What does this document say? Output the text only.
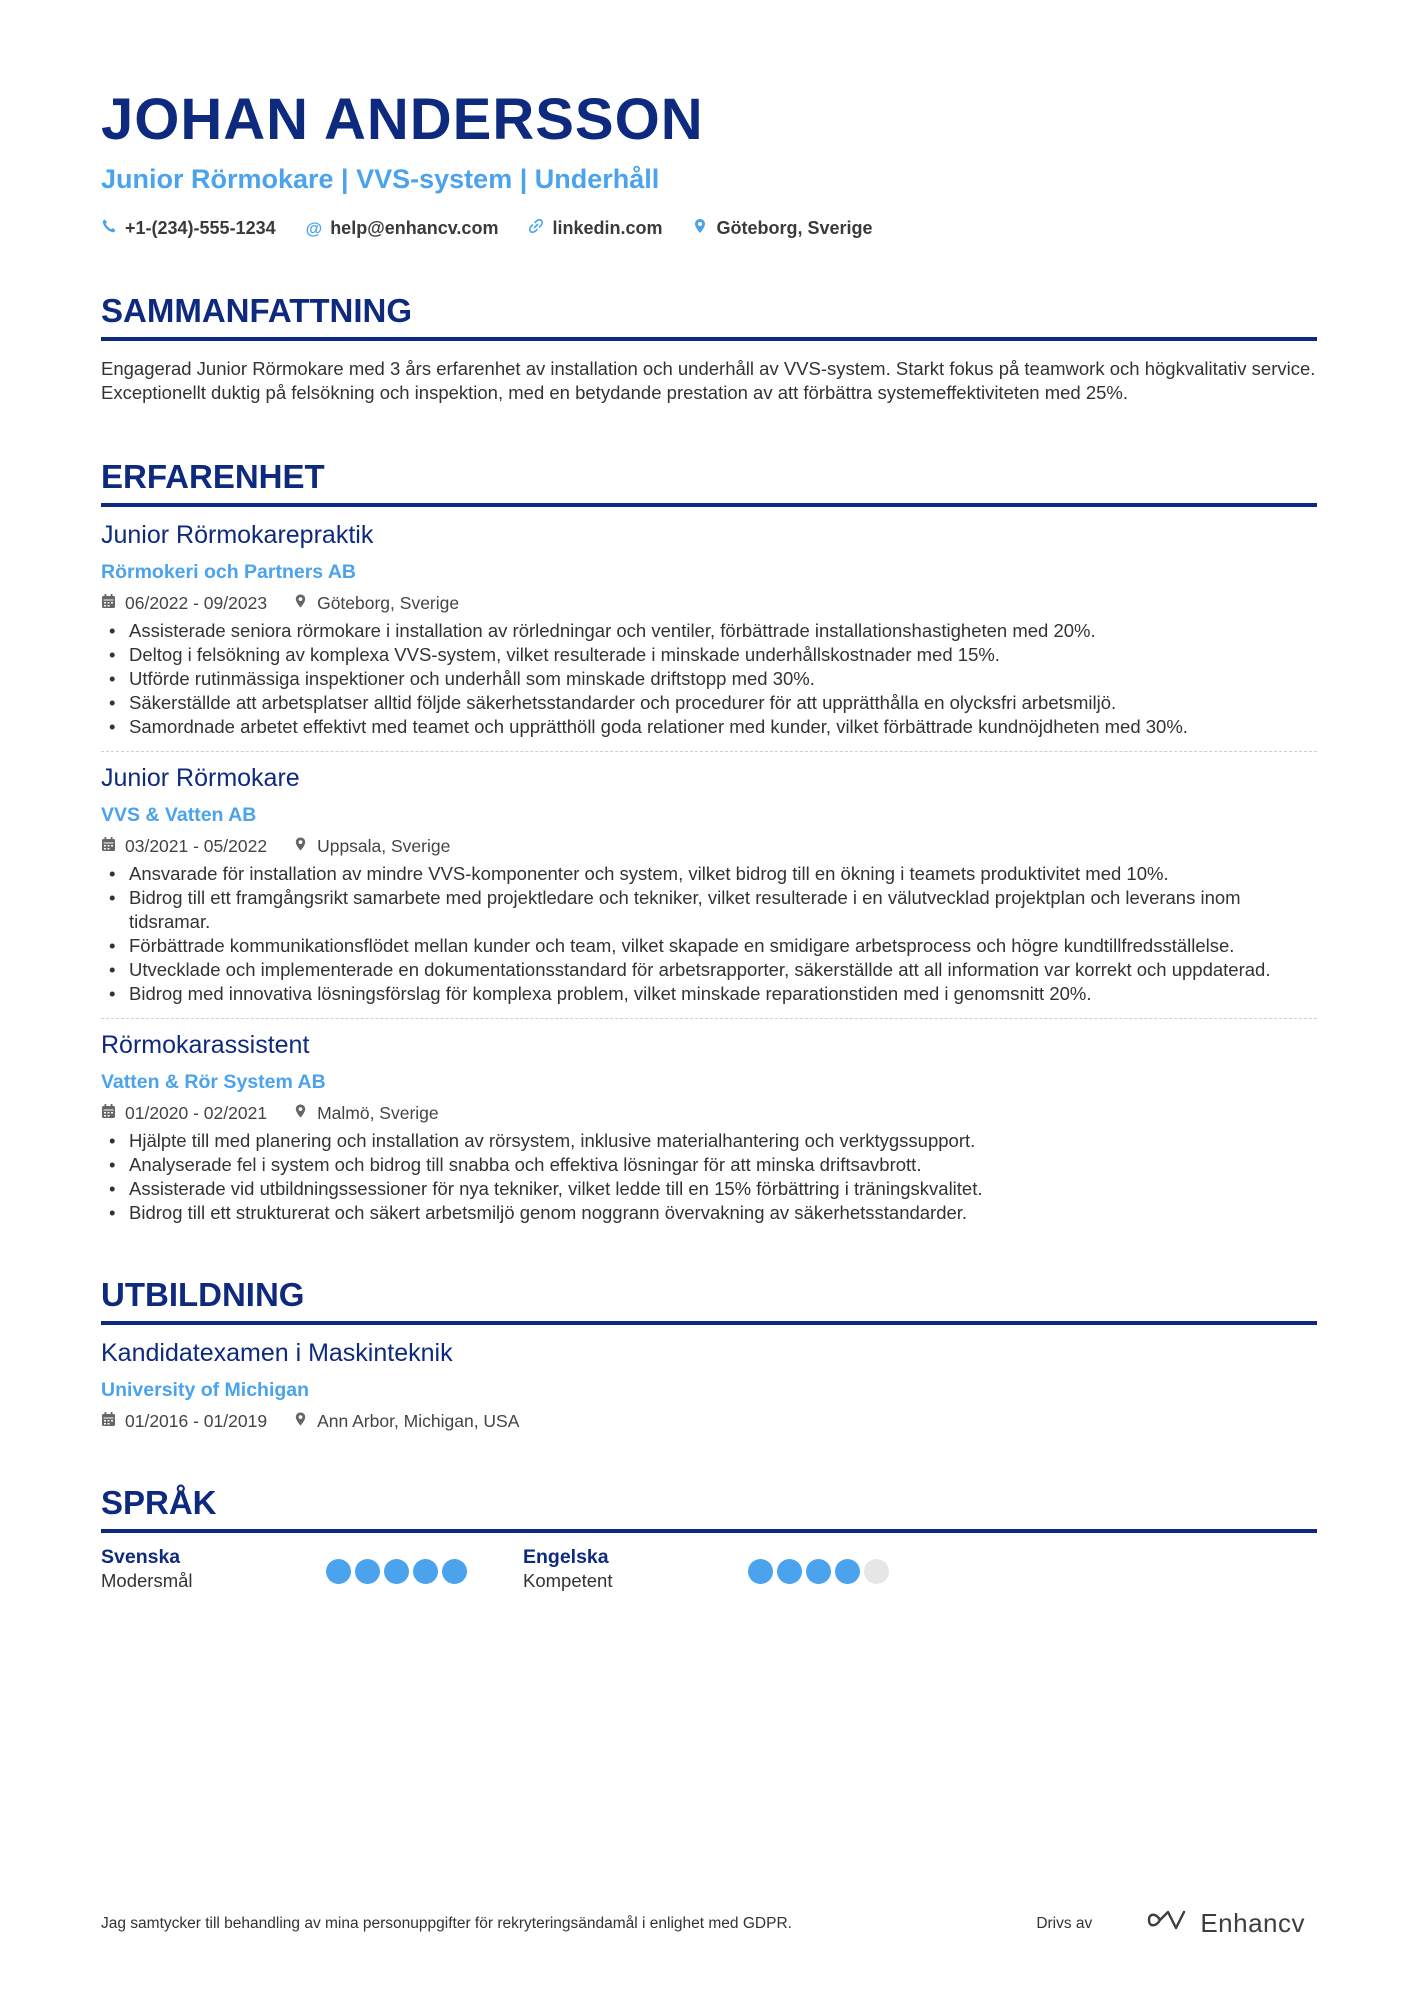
JOHAN ANDERSSON
Junior Rörmokare | VVS-system | Underhåll
+1-(234)-555-1234 @ help@enhancv.com	linkedin.com	Göteborg, Sverige
SAMMANFATTNING
Engagerad Junior Rörmokare med 3 års erfarenhet av installation och underhåll av VVS-system. Starkt fokus på teamwork och högkvalitativ service. Exceptionellt duktig på felsökning och inspektion, med en betydande prestation av att förbättra systemeffektiviteten med 25%.
ERFARENHET
Junior Rörmokarepraktik
Rörmokeri och Partners AB
06/2022 - 09/2023	Göteborg, Sverige
• Assisterade seniora rörmokare i installation av rörledningar och ventiler, förbättrade installationshastigheten med 20%.
• Deltog i felsökning av komplexa VVS-system, vilket resulterade i minskade underhållskostnader med 15%.
• Utförde rutinmässiga inspektioner och underhåll som minskade driftstopp med 30%.
• Säkerställde att arbetsplatser alltid följde säkerhetsstandarder och procedurer för att upprätthålla en olycksfri arbetsmiljö.
• Samordnade arbetet effektivt med teamet och upprätthöll goda relationer med kunder, vilket förbättrade kundnöjdheten med 30%.
Junior Rörmokare
VVS & Vatten AB
03/2021 - 05/2022	Uppsala, Sverige
• Ansvarade för installation av mindre VVS-komponenter och system, vilket bidrog till en ökning i teamets produktivitet med 10%.
• Bidrog till ett framgångsrikt samarbete med projektledare och tekniker, vilket resulterade i en välutvecklad projektplan och leverans inom tidsramar.
• Förbättrade kommunikationsflödet mellan kunder och team, vilket skapade en smidigare arbetsprocess och högre kundtillfredsställelse.
• Utvecklade och implementerade en dokumentationsstandard för arbetsrapporter, säkerställde att all information var korrekt och uppdaterad.
• Bidrog med innovativa lösningsförslag för komplexa problem, vilket minskade reparationstiden med i genomsnitt 20%.
Rörmokarassistent
Vatten & Rör System AB
01/2020 - 02/2021	Malmö, Sverige
• Hjälpte till med planering och installation av rörsystem, inklusive materialhantering och verktygssupport.
• Analyserade fel i system och bidrog till snabba och effektiva lösningar för att minska driftsavbrott.
• Assisterade vid utbildningssessioner för nya tekniker, vilket ledde till en 15% förbättring i träningskvalitet.
• Bidrog till ett strukturerat och säkert arbetsmiljö genom noggrann övervakning av säkerhetsstandarder.
UTBILDNING
Kandidatexamen i Maskinteknik
University of Michigan
01/2016 - 01/2019	Ann Arbor, Michigan, USA
SPRÅK
Svenska
Modersmål
Engelska
Kompetent
Jag samtycker till behandling av mina personuppgifter för rekryteringsändamål i enlighet med GDPR.	Drivs av	Enhancv
